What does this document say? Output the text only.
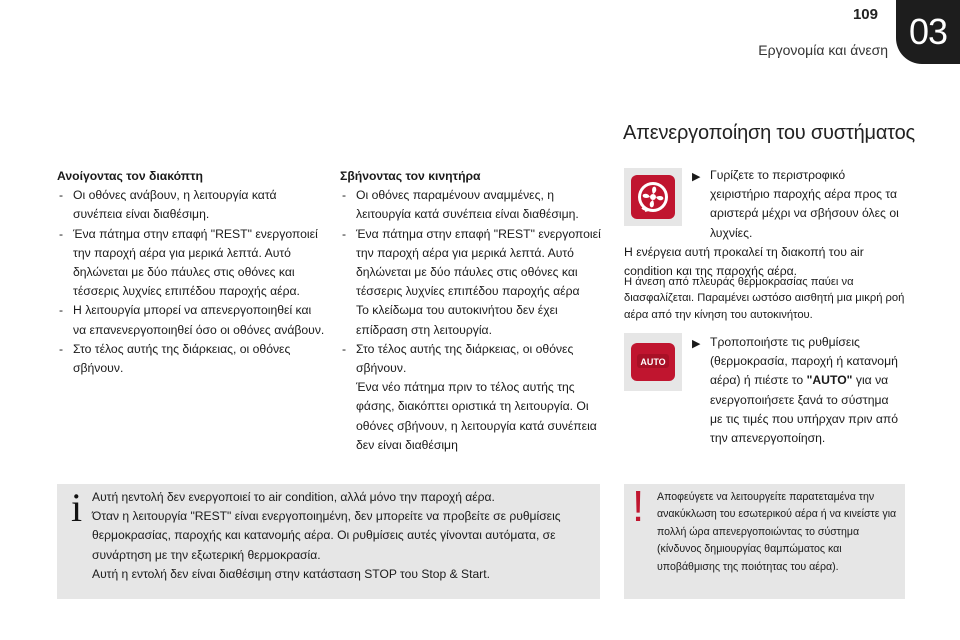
109
Εργονομία και άνεση 03
Απενεργοποίηση του συστήματος
Ανοίγοντας τον διακόπτη
- Οι οθόνες ανάβουν, η λειτουργία κατά συνέπεια είναι διαθέσιμη.
- Ένα πάτημα στην επαφή "REST" ενεργοποιεί την παροχή αέρα για μερικά λεπτά. Αυτό δηλώνεται με δύο πάυλες στις οθόνες και τέσσερις λυχνίες επιπέδου παροχής αέρα.
- Η λειτουργία μπορεί να απενεργοποιηθεί και να επανενεργοποιηθεί όσο οι οθόνες ανάβουν.
- Στο τέλος αυτής της διάρκειας, οι οθόνες σβήνουν.
Σβήνοντας τον κινητήρα
- Οι οθόνες παραμένουν αναμμένες, η λειτουργία κατά συνέπεια είναι διαθέσιμη.
- Ένα πάτημα στην επαφή "REST" ενεργοποιεί την παροχή αέρα για μερικά λεπτά. Αυτό δηλώνεται με δύο πάυλες στις οθόνες και τέσσερις λυχνίες επιπέδου παροχής αέρα

Το κλείδωμα του αυτοκινήτου δεν έχει επίδραση στη λειτουργία.

- Στο τέλος αυτής της διάρκειας, οι οθόνες σβήνουν.

Ένα νέο πάτημα πριν το τέλος αυτής της φάσης, διακόπτει οριστικά τη λειτουργία. Οι οθόνες σβήνουν, η λειτουργία κατά συνέπεια δεν είναι διαθέσιμη

▶ Γυρίζετε το περιστροφικό χειριστήριο παροχής αέρα προς τα αριστερά μέχρι να σβήσουν όλες οι λυχνίες.
Η ενέργεια αυτή προκαλεί τη διακοπή του air condition και της παροχής αέρα.
Η άνεση από πλευράς θερμοκρασίας παύει να διασφαλίζεται. Παραμένει ωστόσο αισθητή μια μικρή ροή αέρα από την κίνηση του αυτοκινήτου.
AUTO
▶ Τροποποιήστε τις ρυθμίσεις (θερμοκρασία, παροχή ή κατανομή αέρα) ή πιέστε το "AUTO" για να ενεργοποιήσετε ξανά το σύστημα με τις τιμές που υπήρχαν πριν από την απενεργοποίηση.
i Αυτή ηεντολή δεν ενεργοποιεί το air condition, αλλά μόνο την παροχή αέρα.
Όταν η λειτουργία "REST" είναι ενεργοποιημένη, δεν μπορείτε να προβείτε σε ρυθμίσεις θερμοκρασίας, παροχής και κατανομής αέρα. Οι ρυθμίσεις αυτές γίνονται αυτόματα, σε συνάρτηση με την εξωτερική θερμοκρασία.
Αυτή η εντολή δεν είναι διαθέσιμη στην κατάσταση STOP του Stop & Start.
! Αποφεύγετε να λειτουργείτε παρατεταμένα την ανακύκλωση του εσωτερικού αέρα ή να κινείστε για πολλή ώρα απενεργοποιώντας το σύστημα (κίνδυνος δημιουργίας θαμπώματος και υποβάθμισης της ποιότητας του αέρα).
